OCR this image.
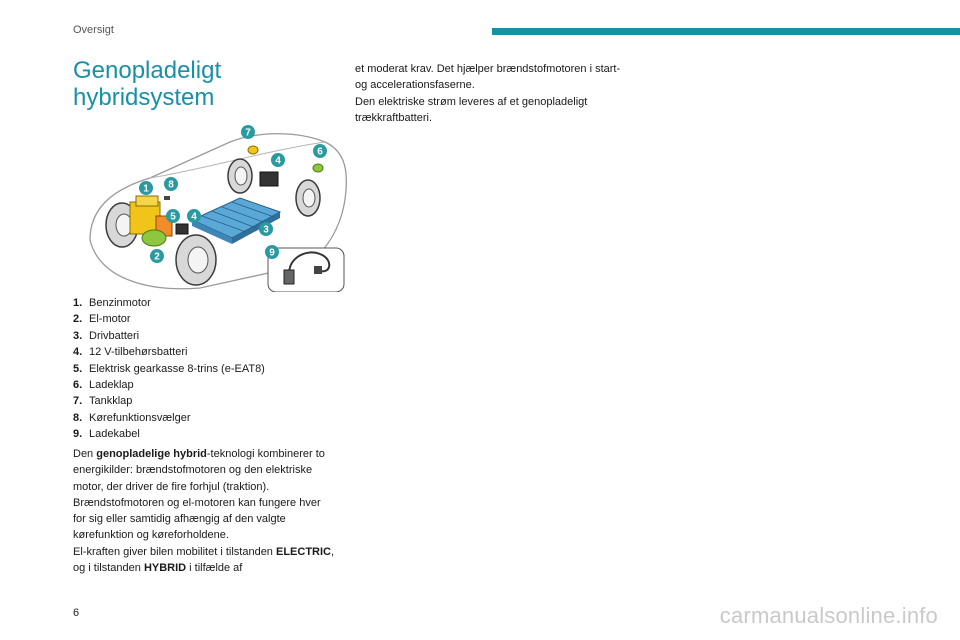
Oversigt
Genopladeligt hybridsystem
7
6
4
1 8
5 4
3
2	9
1. Benzinmotor
2. El-motor
3. Drivbatteri
4. 12 V-tilbehørsbatteri
5. Elektrisk gearkasse 8-trins (e-EAT8)
6. Ladeklap
7. Tankklap
8. Kørefunktionsvælger
9. Ladekabel
Den genopladelige hybrid-teknologi kombinerer to energikilder: brændstofmotoren og den elektriske motor, der driver de fire forhjul (traktion).
Brændstofmotoren og el-motoren kan fungere hver for sig eller samtidig afhængig af den valgte kørefunktion og køreforholdene.
El-kraften giver bilen mobilitet i tilstanden ELECTRIC, og i tilstanden HYBRID i tilfælde af
et moderat krav. Det hjælper brændstofmotoren i start- og accelerationsfaserne.
Den elektriske strøm leveres af et genopladeligt trækkraftbatteri.
6	carmanualsonline.info
